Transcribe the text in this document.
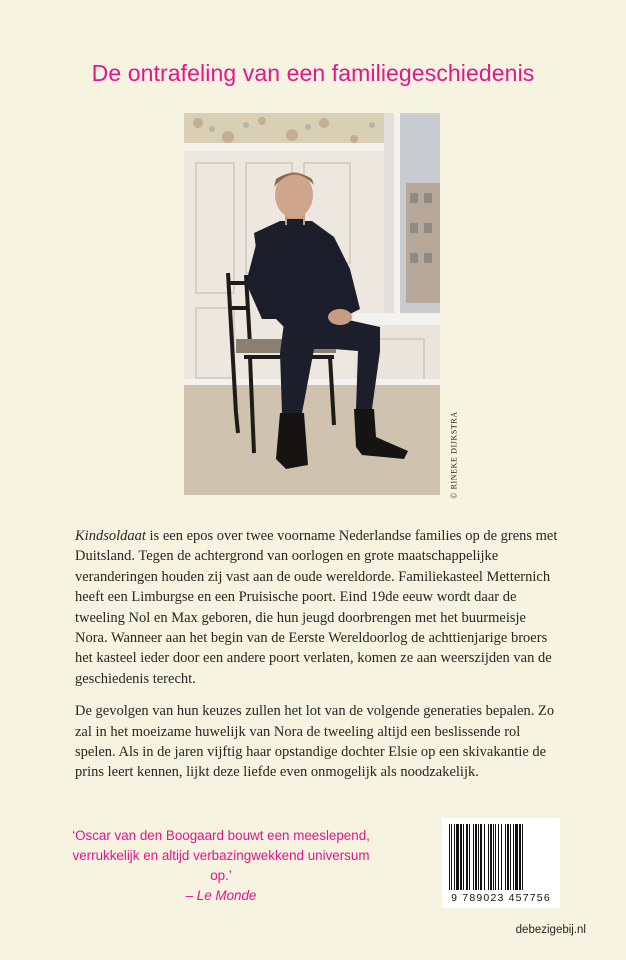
De ontrafeling van een familiegeschiedenis
© RINEKE DIJKSTRA

Kindsoldaat is een epos over twee voorname Nederlandse families op de grens met Duitsland. Tegen de achtergrond van oorlogen en grote maatschappelijke veranderingen houden zij vast aan de oude wereldorde. Familiekasteel Metternich heeft een Limburgse en een Pruisische poort. Eind 19de eeuw wordt daar de tweeling Nol en Max geboren, die hun jeugd doorbrengen met het buurmeisje Nora. Wanneer aan het begin van de Eerste Wereldoorlog de achttienjarige broers het kasteel ieder door een andere poort verlaten, komen ze aan weerszijden van de geschiedenis terecht.

De gevolgen van hun keuzes zullen het lot van de volgende generaties bepalen. Zo zal in het moeizame huwelijk van Nora de tweeling altijd een beslissende rol spelen. Als in de jaren vijftig haar opstandige dochter Elsie op een skivakantie de prins leert kennen, lijkt deze liefde even onmogelijk als noodzakelijk.

‘Oscar van den Boogaard bouwt een meeslepend,
verrukkelijk en altijd verbazingwekkend universum op.’
– Le Monde	9 789023 457756
debezigebij.nl
